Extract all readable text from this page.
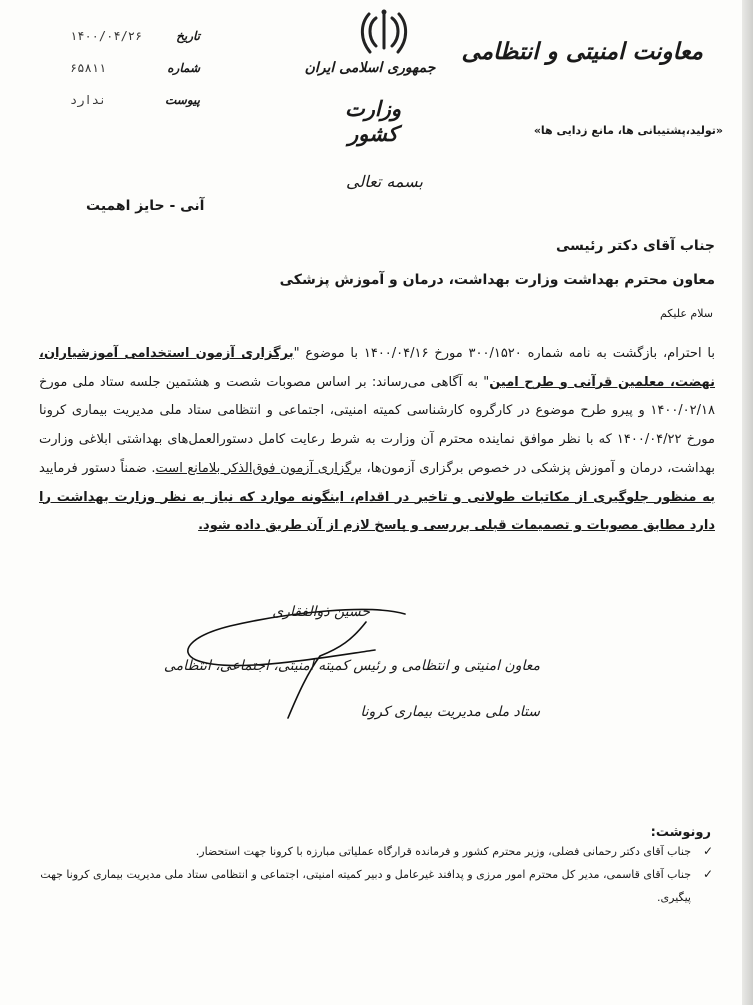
معاونت امنیتی و انتظامی
«تولید،پشتیبانی ها، مانع زدایی ها»
جمهوری اسلامی ایران
وزارت کشور
تاریخ
۱۴۰۰/۰۴/۲۶
شماره
۶۵۸۱۱
پیوست
ندارد
بسمه تعالی
آنی - حایز اهمیت
جناب آقای دکتر رئیسی
معاون محترم بهداشت وزارت بهداشت، درمان و آموزش پزشکی
سلام علیکم
با احترام، بازگشت به نامه شماره ۳۰۰/۱۵۲۰ مورخ ۱۴۰۰/۰۴/۱۶ با موضوع "برگزاری آزمون استخدامی آموزشیاران، نهضت، معلمین قرآنی و طرح امین" به آگاهی می‌رساند: بر اساس مصوبات شصت و هشتمین جلسه ستاد ملی مورخ ۱۴۰۰/۰۲/۱۸ و پیرو طرح موضوع در کارگروه کارشناسی کمیته امنیتی، اجتماعی و انتظامی ستاد ملی مدیریت بیماری کرونا مورخ ۱۴۰۰/۰۴/۲۲ که با نظر موافق نماینده محترم آن وزارت به شرط رعایت کامل دستورالعمل‌های بهداشتی ابلاغی وزارت بهداشت، درمان و آموزش پزشکی در خصوص برگزاری آزمون‌ها، برگزاری آزمون فوق‌الذکر بلامانع است. ضمناً دستور فرمایید به منظور جلوگیری از مکاتبات طولانی و تاخیر در اقدام، اینگونه موارد که نیاز به نظر وزارت بهداشت را دارد مطابق مصوبات و تصمیمات قبلی بررسی و پاسخ لازم از آن طریق داده شود.
حسین ذوالفقاری
معاون امنیتی و انتظامی و رئیس کمیته امنیتی، اجتماعی، انتظامی
ستاد ملی مدیریت بیماری کرونا
رونوشت:
✓
جناب آقای دکتر رحمانی فضلی، وزیر محترم کشور و فرمانده قرارگاه عملیاتی مبارزه با کرونا جهت استحضار.
✓
جناب آقای قاسمی، مدیر کل محترم امور مرزی و پدافند غیرعامل و دبیر کمیته امنیتی، اجتماعی و انتظامی ستاد ملی مدیریت بیماری کرونا جهت پیگیری.
